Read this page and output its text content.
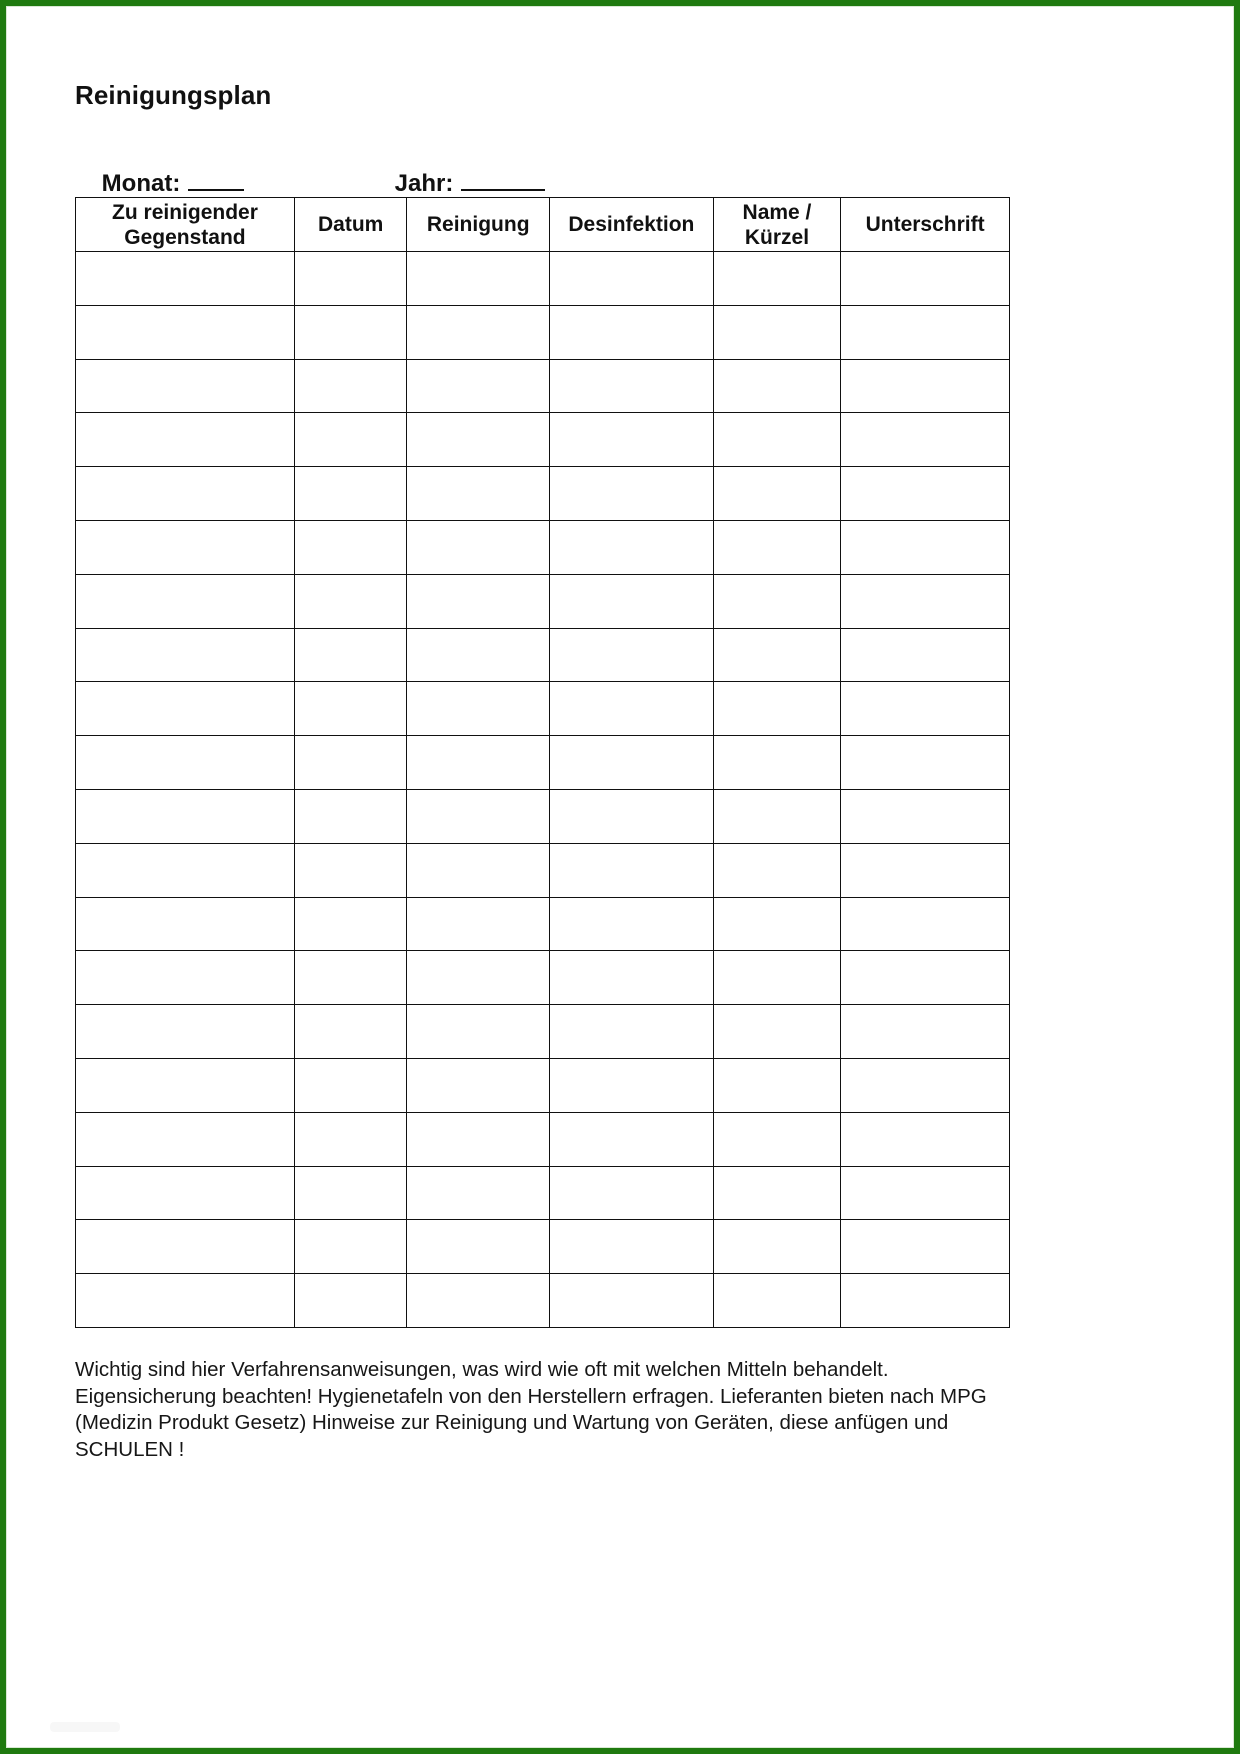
Reinigungsplan

Monat:
	Jahr:

Zu reinigender Gegenstand	Datum	Reinigung	Desinfektion	Name / Kürzel	Unterschrift

Wichtig sind hier Verfahrensanweisungen, was wird wie oft mit welchen Mitteln behandelt.

Eigensicherung beachten! Hygienetafeln von den Herstellern erfragen. Lieferanten bieten nach MPG

(Medizin Produkt Gesetz) Hinweise zur Reinigung und Wartung von Geräten, diese anfügen und

SCHULEN !
